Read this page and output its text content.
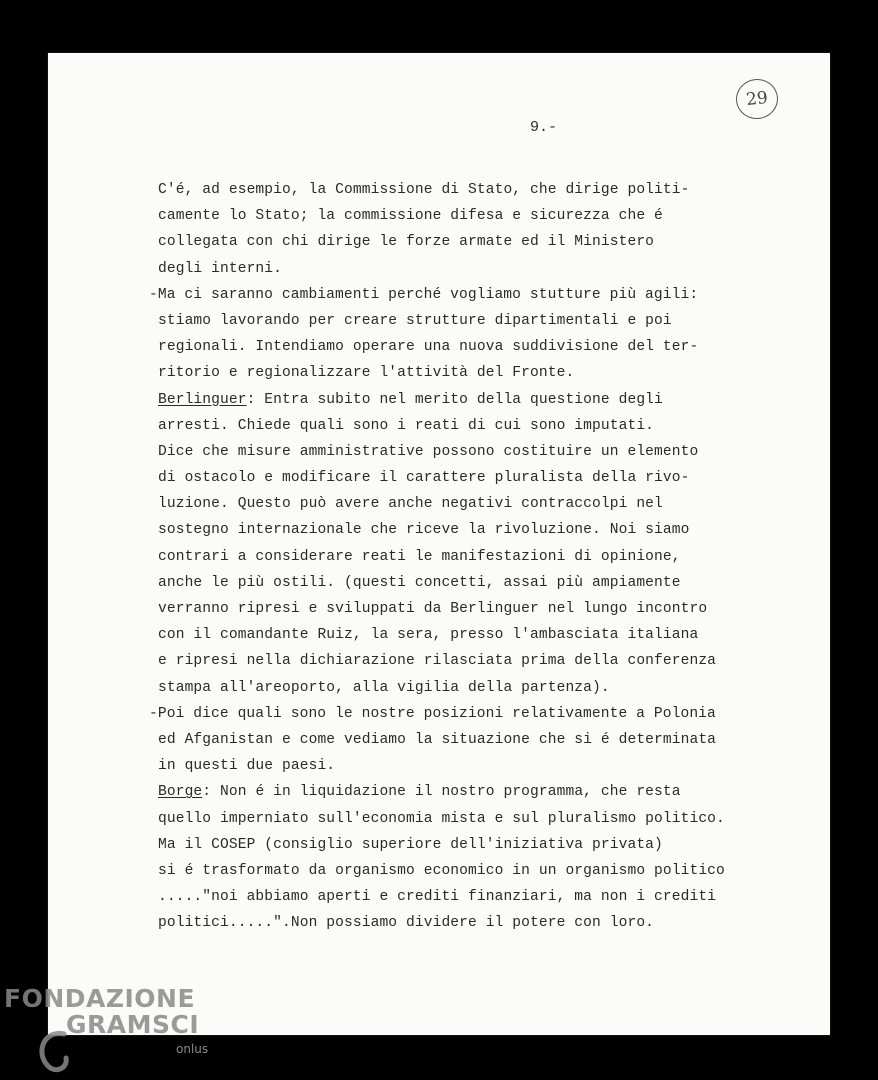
29
9.-
C'é, ad esempio, la Commissione di Stato, che dirige politi-
camente lo Stato; la commissione difesa e sicurezza che é
collegata con chi dirige le forze armate ed il Ministero
degli interni.
-Ma ci saranno cambiamenti perché vogliamo stutture più agili:
stiamo lavorando per creare strutture dipartimentali e poi
regionali. Intendiamo operare una nuova suddivisione del ter-
ritorio e regionalizzare l'attività del Fronte.
Berlinguer: Entra subito nel merito della questione degli
arresti. Chiede quali sono i reati di cui sono imputati.
Dice che misure amministrative possono costituire un elemento
di ostacolo e modificare il carattere pluralista della rivo-
luzione. Questo può avere anche negativi contraccolpi nel
sostegno internazionale che riceve la rivoluzione. Noi siamo
contrari a considerare reati le manifestazioni di opinione,
anche le più ostili. (questi concetti, assai più ampiamente
verranno ripresi e sviluppati da Berlinguer nel lungo incontro
con il comandante Ruiz, la sera, presso l'ambasciata italiana
e ripresi nella dichiarazione rilasciata prima della conferenza
stampa all'areoporto, alla vigilia della partenza).
-Poi dice quali sono le nostre posizioni relativamente a Polonia
ed Afganistan e come vediamo la situazione che si é determinata
in questi due paesi.
Borge: Non é in liquidazione il nostro programma, che resta
quello imperniato sull'economia mista e sul pluralismo politico.
Ma il COSEP (consiglio superiore dell'iniziativa privata)
si é trasformato da organismo economico in un organismo politico
....."noi abbiamo aperti e crediti finanziari, ma non i crediti
politici.....".Non possiamo dividere il potere con loro.
FONDAZIONE
GRAMSCI
onlus
